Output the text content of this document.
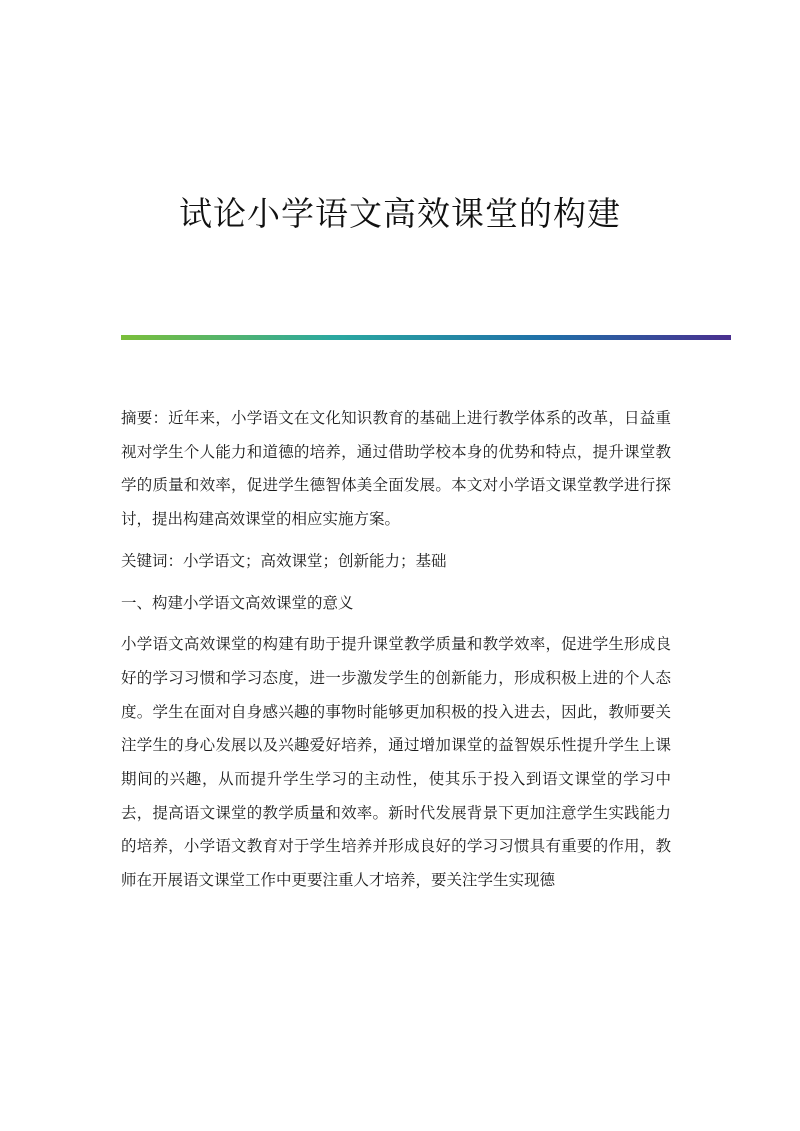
试论小学语文高效课堂的构建

摘要：近年来，小学语文在文化知识教育的基础上进行教学体系的改革，日益重视对学生个人能力和道德的培养，通过借助学校本身的优势和特点，提升课堂教学的质量和效率，促进学生德智体美全面发展。本文对小学语文课堂教学进行探讨，提出构建高效课堂的相应实施方案。

关键词：小学语文；高效课堂；创新能力；基础

一、构建小学语文高效课堂的意义

小学语文高效课堂的构建有助于提升课堂教学质量和教学效率，促进学生形成良好的学习习惯和学习态度，进一步激发学生的创新能力，形成积极上进的个人态度。学生在面对自身感兴趣的事物时能够更加积极的投入进去，因此，教师要关注学生的身心发展以及兴趣爱好培养，通过增加课堂的益智娱乐性提升学生上课期间的兴趣，从而提升学生学习的主动性，使其乐于投入到语文课堂的学习中去，提高语文课堂的教学质量和效率。新时代发展背景下更加注意学生实践能力的培养，小学语文教育对于学生培养并形成良好的学习习惯具有重要的作用，教师在开展语文课堂工作中更要注重人才培养，要关注学生实现德
